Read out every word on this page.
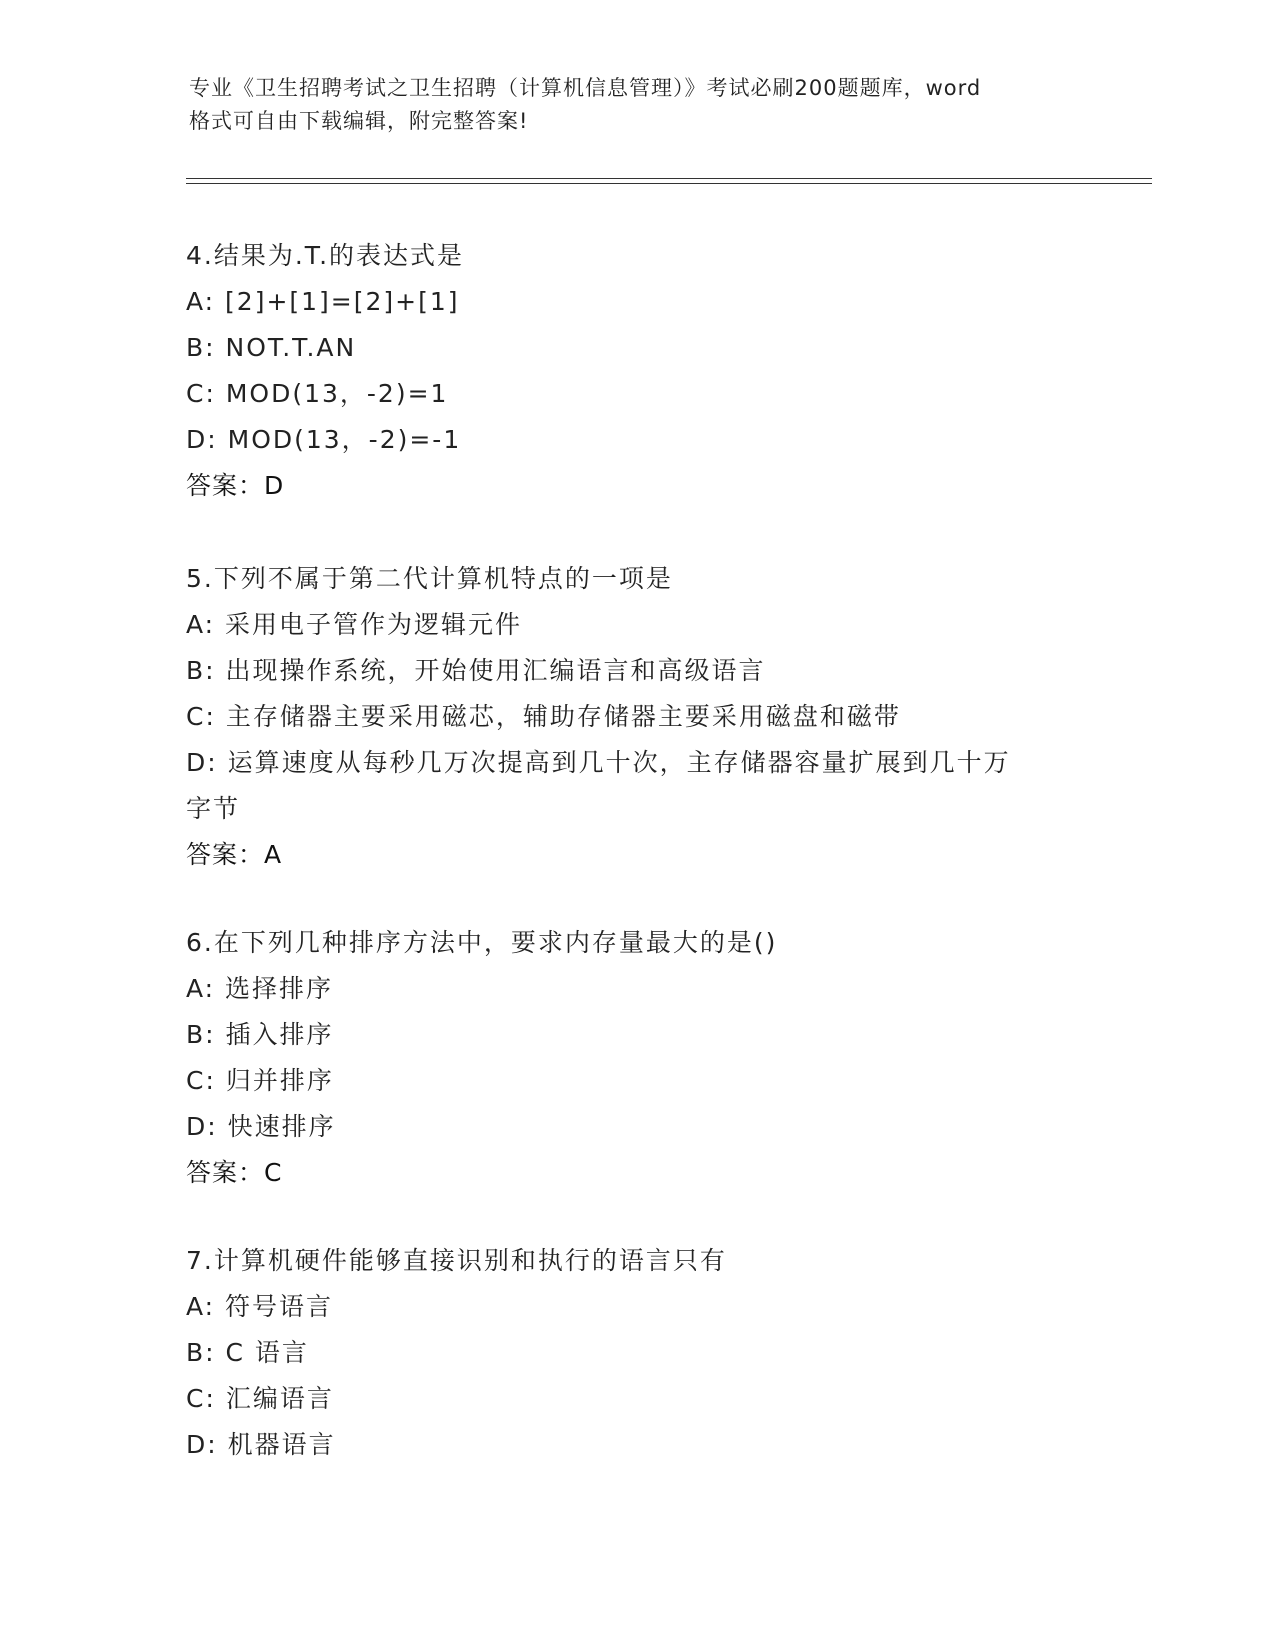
专业《卫生招聘考试之卫生招聘（计算机信息管理）》考试必刷200题题库，word
格式可自由下载编辑，附完整答案!
4.结果为.T.的表达式是
A: [2]+[1]=[2]+[1]
B: NOT.T.AN
C: MOD(13，-2)=1
D: MOD(13，-2)=-1
答案：D
5.下列不属于第二代计算机特点的一项是
A: 采用电子管作为逻辑元件
B: 出现操作系统，开始使用汇编语言和高级语言
C: 主存储器主要采用磁芯，辅助存储器主要采用磁盘和磁带
D: 运算速度从每秒几万次提高到几十次，主存储器容量扩展到几十万
字节
答案：A
6.在下列几种排序方法中，要求内存量最大的是()
A: 选择排序
B: 插入排序
C: 归并排序
D: 快速排序
答案：C
7.计算机硬件能够直接识别和执行的语言只有
A: 符号语言
B: C 语言
C: 汇编语言
D: 机器语言
